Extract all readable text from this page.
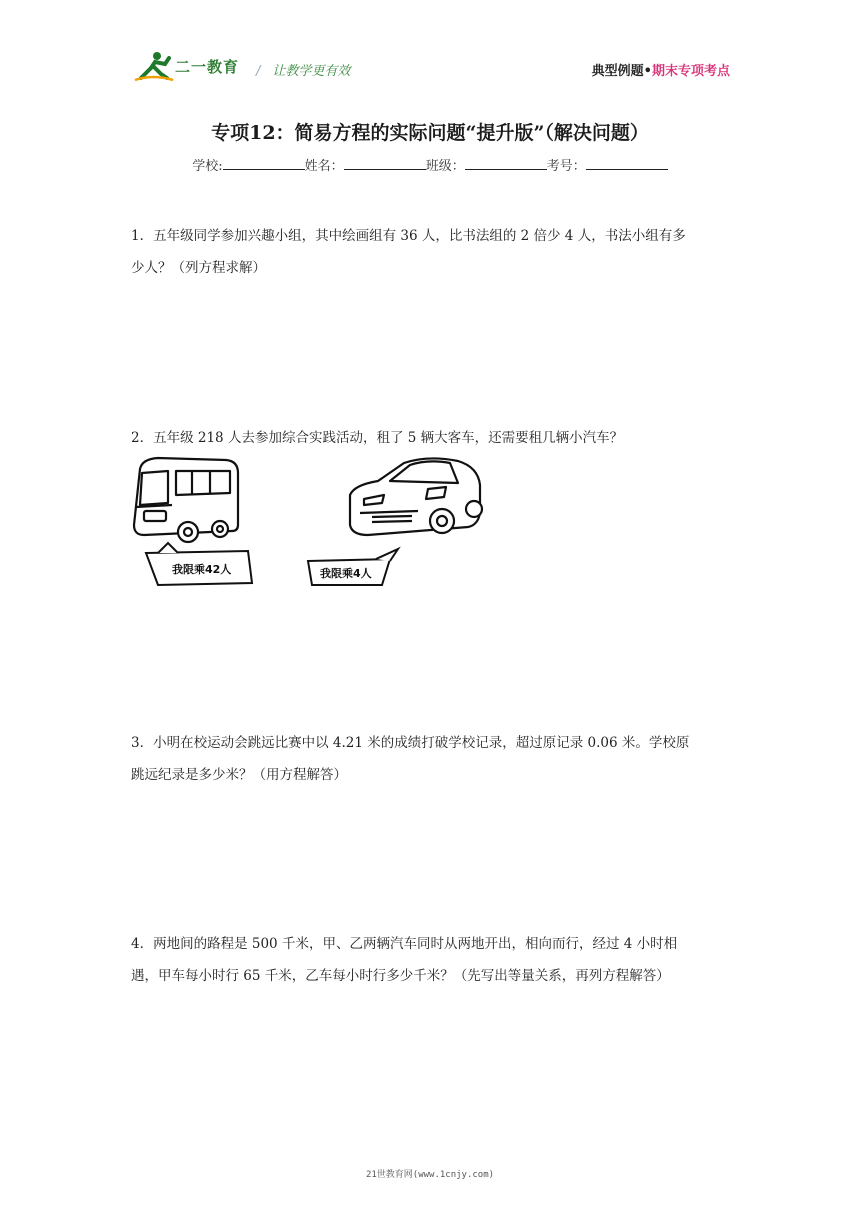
二一教育 / 让教学更有效	典型例题•期末专项考点
专项12：简易方程的实际问题“提升版”（解决问题）
学校:	姓名：	班级：	考号：
1．五年级同学参加兴趣小组，其中绘画组有 36 人，比书法组的 2 倍少 4 人，书法小组有多
少人？（列方程求解）
2．五年级 218 人去参加综合实践活动，租了 5 辆大客车，还需要租几辆小汽车？
我限乘42人	我限乘4人
3．小明在校运动会跳远比赛中以 4.21 米的成绩打破学校记录，超过原记录 0.06 米。学校原
跳远纪录是多少米？（用方程解答）
4．两地间的路程是 500 千米，甲、乙两辆汽车同时从两地开出，相向而行，经过 4 小时相
遇，甲车每小时行 65 千米，乙车每小时行多少千米？（先写出等量关系，再列方程解答）
21世教育网(www.1cnjy.com)
